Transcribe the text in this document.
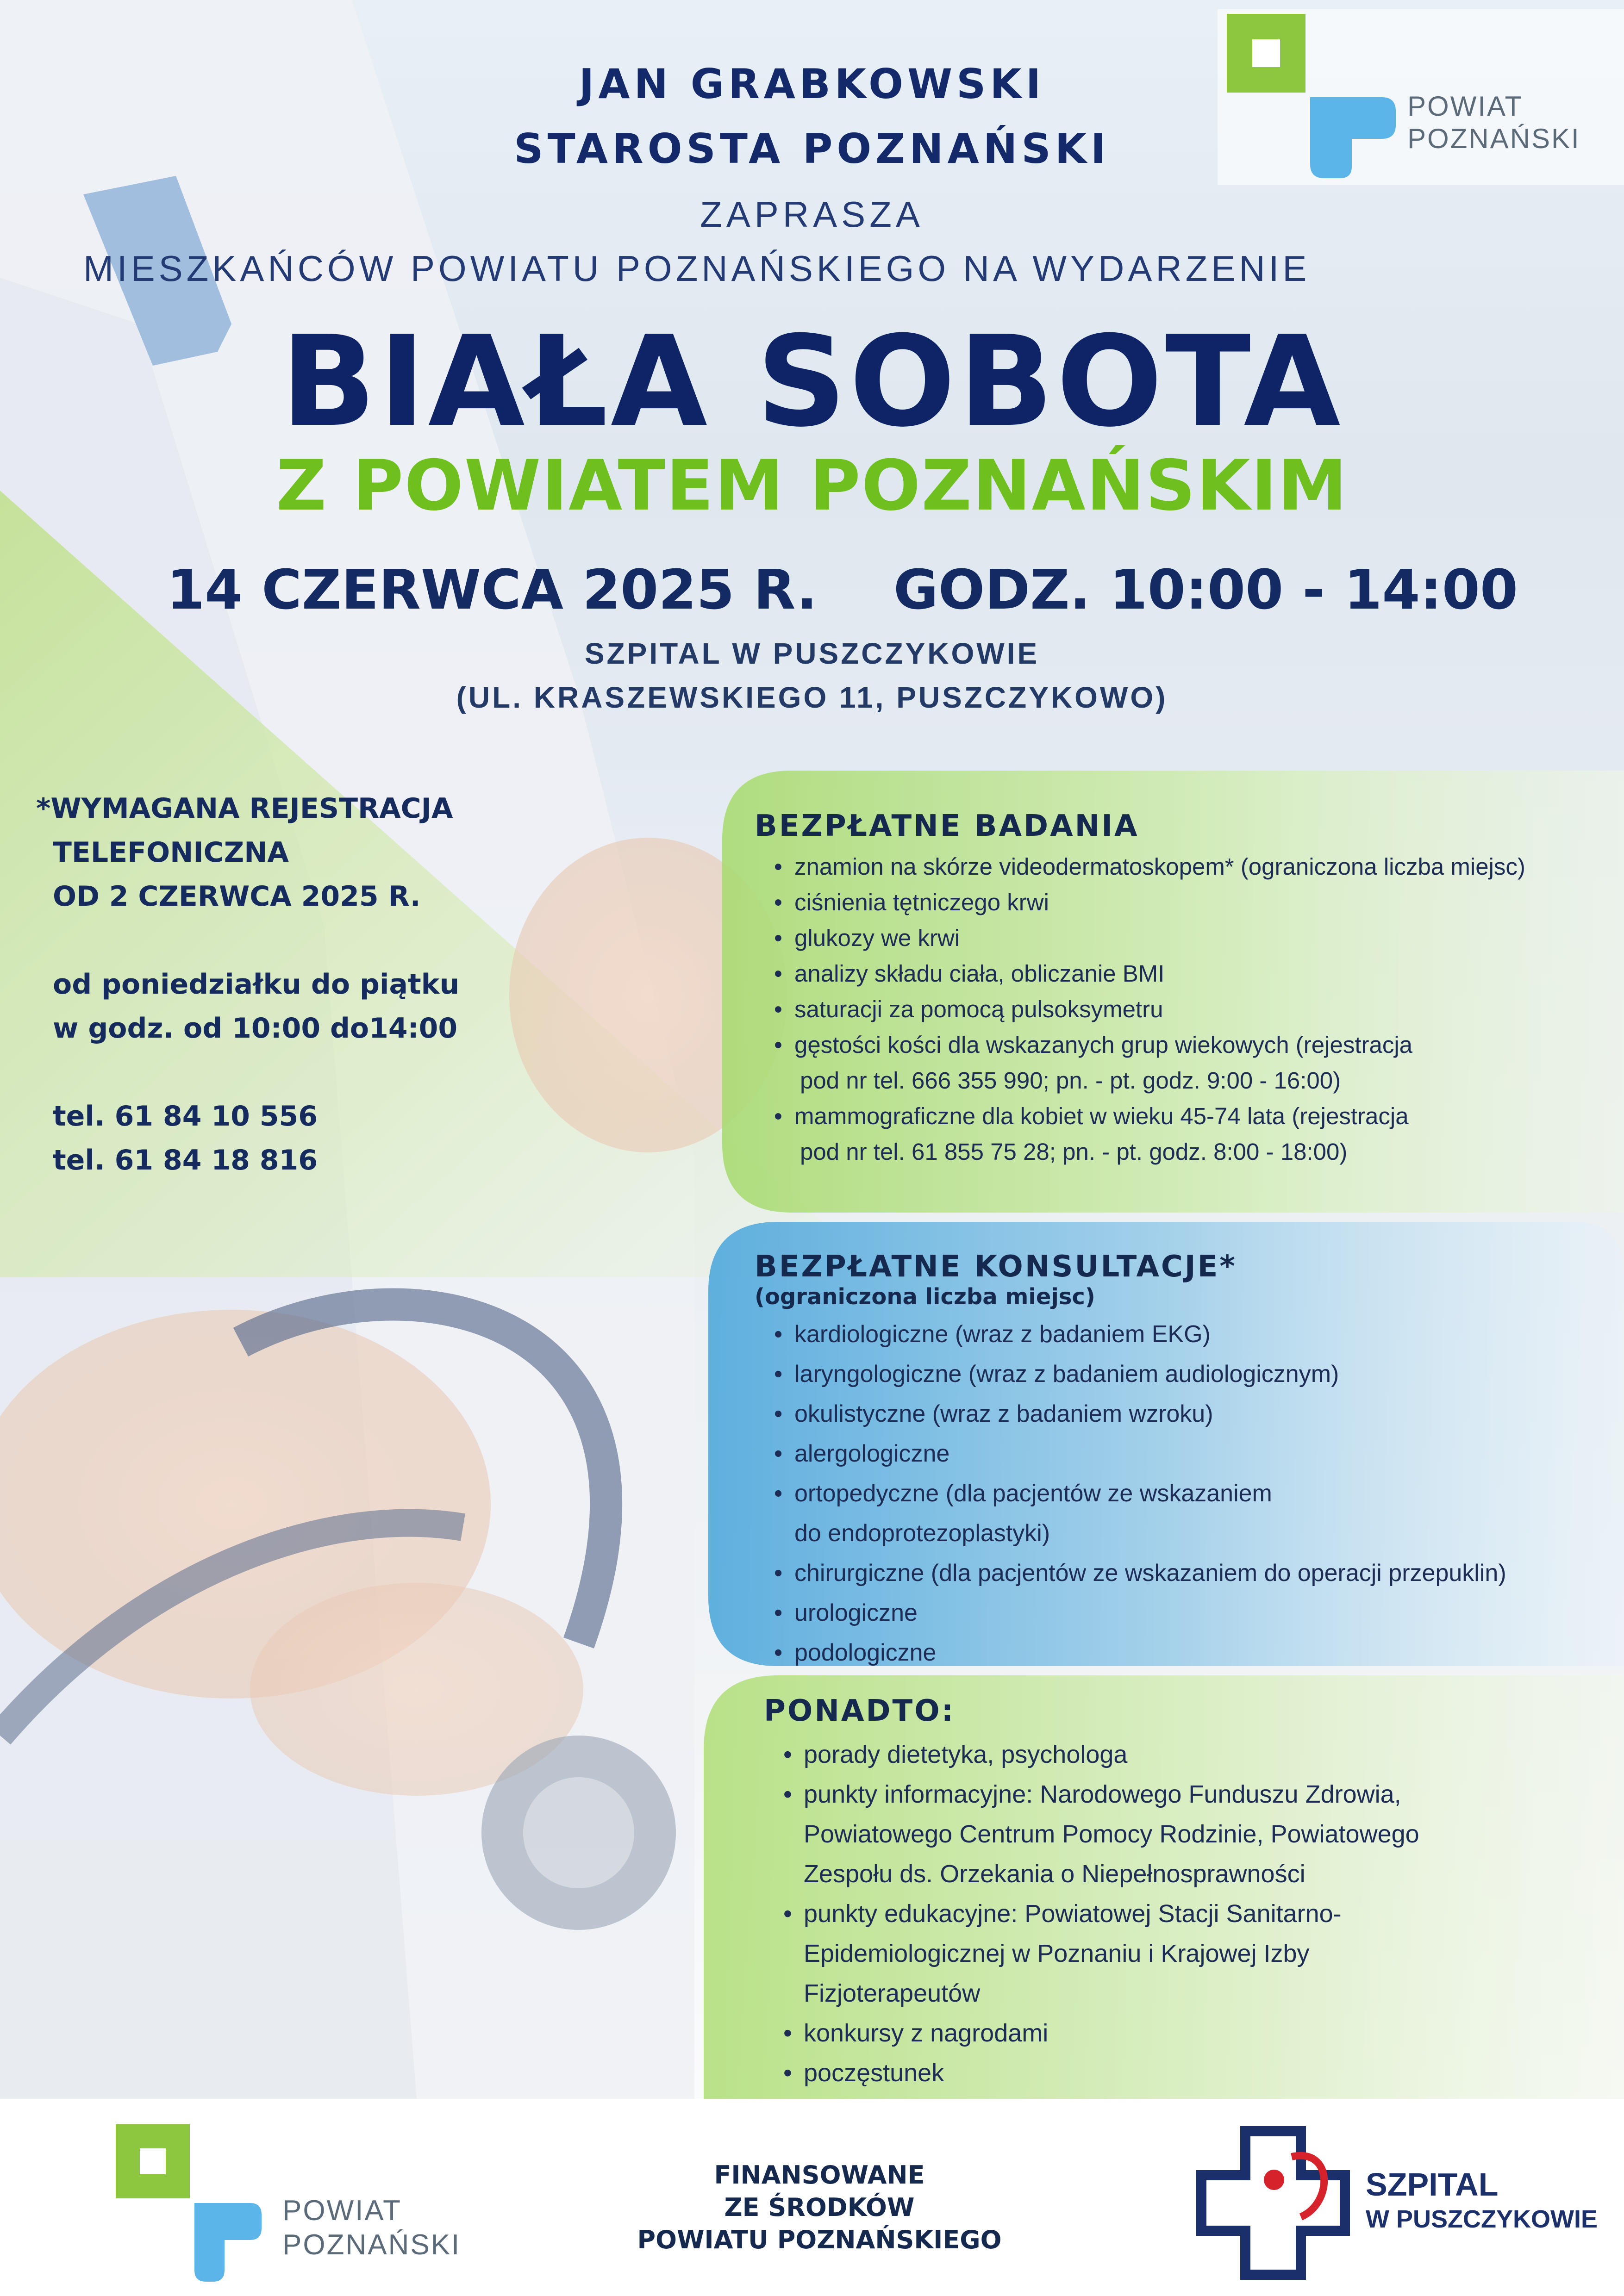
JAN GRABKOWSKI
STAROSTA POZNAŃSKI
ZAPRASZA
MIESZKAŃCÓW POWIATU POZNAŃSKIEGO NA WYDARZENIE
BIAŁA SOBOTA
Z POWIATEM POZNAŃSKIM
14 CZERWCA 2025 R. GODZ. 10:00 - 14:00
SZPITAL W PUSZCZYKOWIE
(UL. KRASZEWSKIEGO 11, PUSZCZYKOWO)
POWIAT
POZNAŃSKI
*WYMAGANA REJESTRACJA
TELEFONICZNA
OD 2 CZERWCA 2025 R.
od poniedziałku do piątku
w godz. od 10:00 do14:00
tel. 61 84 10 556
tel. 61 84 18 816
BEZPŁATNE BADANIA
• znamion na skórze videodermatoskopem* (ograniczona liczba miejsc)
• ciśnienia tętniczego krwi
• glukozy we krwi
• analizy składu ciała, obliczanie BMI
• saturacji za pomocą pulsoksymetru
• gęstości kości dla wskazanych grup wiekowych (rejestracja
pod nr tel. 666 355 990; pn. - pt. godz. 9:00 - 16:00)
• mammograficzne dla kobiet w wieku 45-74 lata (rejestracja
pod nr tel. 61 855 75 28; pn. - pt. godz. 8:00 - 18:00)
BEZPŁATNE KONSULTACJE*
(ograniczona liczba miejsc)
• kardiologiczne (wraz z badaniem EKG)
• laryngologiczne (wraz z badaniem audiologicznym)
• okulistyczne (wraz z badaniem wzroku)
• alergologiczne
• ortopedyczne (dla pacjentów ze wskazaniem
do endoprotezoplastyki)
• chirurgiczne (dla pacjentów ze wskazaniem do operacji przepuklin)
• urologiczne
• podologiczne
PONADTO:
• porady dietetyka, psychologa
• punkty informacyjne: Narodowego Funduszu Zdrowia,
Powiatowego Centrum Pomocy Rodzinie, Powiatowego
Zespołu ds. Orzekania o Niepełnosprawności
• punkty edukacyjne: Powiatowej Stacji Sanitarno-
Epidemiologicznej w Poznaniu i Krajowej Izby
Fizjoterapeutów
• konkursy z nagrodami
• poczęstunek
POWIAT
POZNAŃSKI
FINANSOWANE
ZE ŚRODKÓW
POWIATU POZNAŃSKIEGO
SZPITAL
W PUSZCZYKOWIE
